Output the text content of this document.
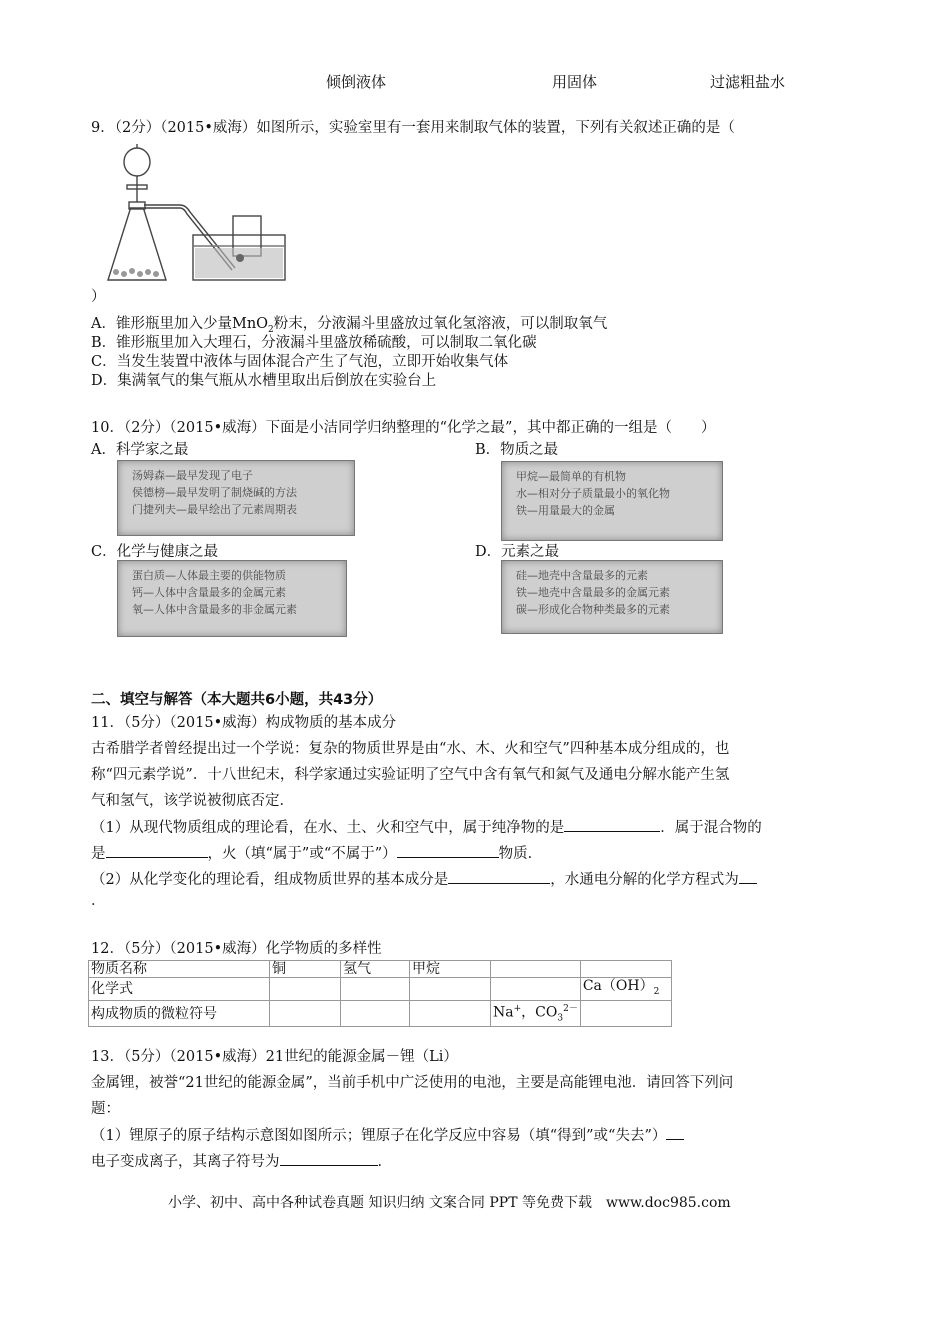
倾倒液体	用固体	过滤粗盐水
9．（2分）（2015•威海）如图所示，实验室里有一套用来制取气体的装置，下列有关叙述正确的是（
）
A．锥形瓶里加入少量MnO$_2$粉末，分液漏斗里盛放过氧化氢溶液，可以制取氧气
B．锥形瓶里加入大理石，分液漏斗里盛放稀硫酸，可以制取二氧化碳
C．当发生装置中液体与固体混合产生了气泡，立即开始收集气体
D．集满氧气的集气瓶从水槽里取出后倒放在实验台上
10．（2分）（2015•威海）下面是小洁同学归纳整理的“化学之最”，其中都正确的一组是（　　）
A．科学家之最	B．物质之最
汤姆森—最早发现了电子
侯德榜—最早发明了制烧碱的方法
门捷列夫—最早绘出了元素周期表
甲烷—最简单的有机物
水—相对分子质量最小的氧化物
铁—用量最大的金属
C．化学与健康之最	D．元素之最
蛋白质—人体最主要的供能物质
钙—人体中含量最多的金属元素
氧—人体中含量最多的非金属元素
硅—地壳中含量最多的元素
铁—地壳中含量最多的金属元素
碳—形成化合物种类最多的元素
二、填空与解答（本大题共6小题，共43分）
11．（5分）（2015•威海）构成物质的基本成分
古希腊学者曾经提出过一个学说：复杂的物质世界是由“水、木、火和空气”四种基本成分组成的，也
称“四元素学说”．十八世纪末，科学家通过实验证明了空气中含有氧气和氮气及通电分解水能产生氢
气和氢气，该学说被彻底否定．
（1）从现代物质组成的理论看，在水、土、火和空气中，属于纯净物的是	．属于混合物的
是	，火（填“属于”或“不属于”）	物质．
（2）从化学变化的理论看，组成物质世界的基本成分是	，水通电分解的化学方程式为
．
12．（5分）（2015•威海）化学物质的多样性
物质名称	铜	氢气	甲烷		
化学式					$Ca(OH)_2$
构成物质的微粒符号				Na+，$CO_3^{2-}$	
13．（5分）（2015•威海）21世纪的能源金属－锂（Li）
金属锂，被誉“21世纪的能源金属”，当前手机中广泛使用的电池，主要是高能锂电池．请回答下列问
题：
（1）锂原子的原子结构示意图如图所示；锂原子在化学反应中容易（填“得到”或“失去”）
电子变成离子，其离子符号为	．
小学、初中、高中各种试卷真题 知识归纳 文案合同 PPT 等免费下载　www.doc985.com
